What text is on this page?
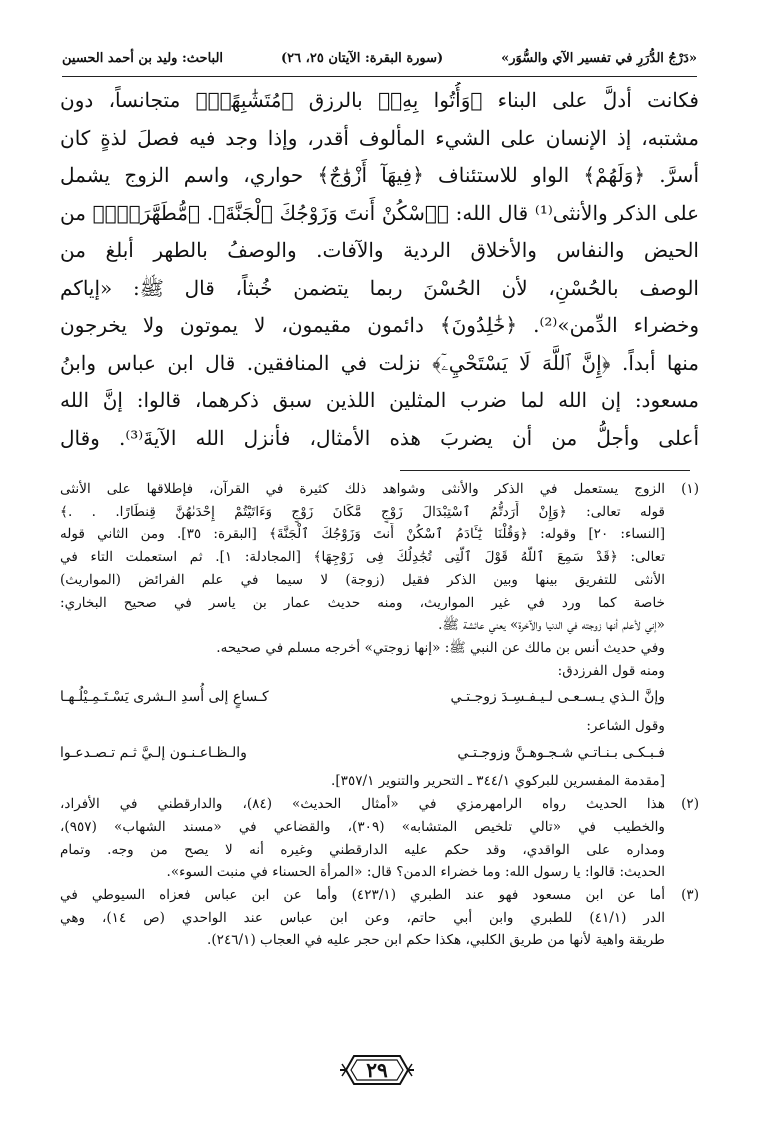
«دَرْجُ الدُّرَرِ في تفسير الآي والسُّوَر»
(سورة البقرة: الآيتان ٢٥، ٢٦)
الباحث: وليد بن أحمد الحسين
فكانت أدلَّ على البناء ﴿وَأُتُوا بِهِۦ﴾ بالرزق ﴿مُتَشَٰبِهًاۖ﴾ متجانساً، دون
مشتبه، إذ الإنسان على الشيء المألوف أقدر، وإذا وجد فيه فصلَ لذةٍ كان
أسرَّ. ﴿وَلَهُمْ﴾ الواو للاستئناف ﴿فِيهَآ أَزْوَٰجٌ﴾ حواري، واسم الزوج يشمل
على الذكر والأنثى⁽¹⁾ قال الله: ﴿ٱسْكُنْ أَنتَ وَزَوْجُكَ ٱلْجَنَّةَ﴾. ﴿مُّطَهَّرَةٌۖ﴾ من
الحيض والنفاس والأخلاق الردية والآفات. والوصفُ بالطهر أبلغ من
الوصف بالحُسْنِ، لأن الحُسْنَ ربما يتضمن خُبثاً، قال ﷺ: «إياكم
وخضراء الدِّمن»⁽²⁾. ﴿خَٰلِدُونَ﴾ دائمون مقيمون، لا يموتون ولا يخرجون
منها أبداً. ﴿إِنَّ ٱللَّهَ لَا يَسْتَحْيِۦٓ﴾ نزلت في المنافقين. قال ابن عباس وابنُ
مسعود: إن الله لما ضرب المثلين اللذين سبق ذكرهما، قالوا: إنَّ الله
أعلى وأجلُّ من أن يضربَ هذه الأمثال، فأنزل الله الآيةَ⁽³⁾. وقال
(١)
الزوج يستعمل في الذكر والأنثى وشواهد ذلك كثيرة في القرآن، فإطلاقها على الأنثى
قوله تعالى: ﴿وَإِنْ أَرَدتُّمُ ٱسْتِبْدَالَ زَوْجٍ مَّكَانَ زَوْجٍ وَءَاتَيْتُمْ إِحْدَىٰهُنَّ قِنطَارًا. . .﴾
[النساء: ٢٠] وقوله: ﴿وَقُلْنَا يَٰٓـَٔادَمُ ٱسْكُنْ أَنتَ وَزَوْجُكَ ٱلْجَنَّةَ﴾ [البقرة: ٣٥]. ومن الثاني قوله
تعالى: ﴿قَدْ سَمِعَ ٱللَّهُ قَوْلَ ٱلَّتِى تُجَٰدِلُكَ فِى زَوْجِهَا﴾ [المجادلة: ١]. ثم استعملت التاء في
الأنثى للتفريق بينها وبين الذكر فقيل (زوجة) لا سيما في علم الفرائض (المواريث)
خاصة كما ورد في غير المواريث، ومنه حديث عمار بن ياسر في صحيح البخاري:
«إني لأعلم أنها زوجته في الدنيا والآخرة» يعني عائشة ﷺ.
وفي حديث أنس بن مالك عن النبي ﷺ: «إنها زوجتي» أخرجه مسلم في صحيحه.
ومنه قول الفرزدق:
وإنَّ الـذي يـسـعـى لـيـفـسِـدَ زوجـتـي
كـساعٍ إلى أُسدِ الـشرى يَسْـتَـمِـيْلُـهـا
وقول الشاعر:
فـبـكـى بـنـاتـي شـجـوهـنَّ وزوجـتـي
والـظـاعـنـون إلـيَّ ثـم تـصـدعـوا
[مقدمة المفسرين للبركوي ٣٤٤/١ ـ التحرير والتنوير ٣٥٧/١].
(٢)
هذا الحديث رواه الرامهرمزي في «أمثال الحديث» (٨٤)، والدارقطني في الأفراد،
والخطيب في «تالي تلخيص المتشابه» (٣٠٩)، والقضاعي في «مسند الشهاب» (٩٥٧)،
ومداره على الواقدي، وقد حكم عليه الدارقطني وغيره أنه لا يصح من وجه. وتمام
الحديث: قالوا: يا رسول الله: وما خضراء الدمن؟ قال: «المرأة الحسناء في منبت السوء».
(٣)
أما عن ابن مسعود فهو عند الطبري (٤٢٣/١) وأما عن ابن عباس فعزاه السيوطي في
الدر (٤١/١) للطبري وابن أبي حاتم، وعن ابن عباس عند الواحدي (ص ١٤)، وهي
طريقة واهية لأنها من طريق الكلبي، هكذا حكم ابن حجر عليه في العجاب (٢٤٦/١).
٢٩
